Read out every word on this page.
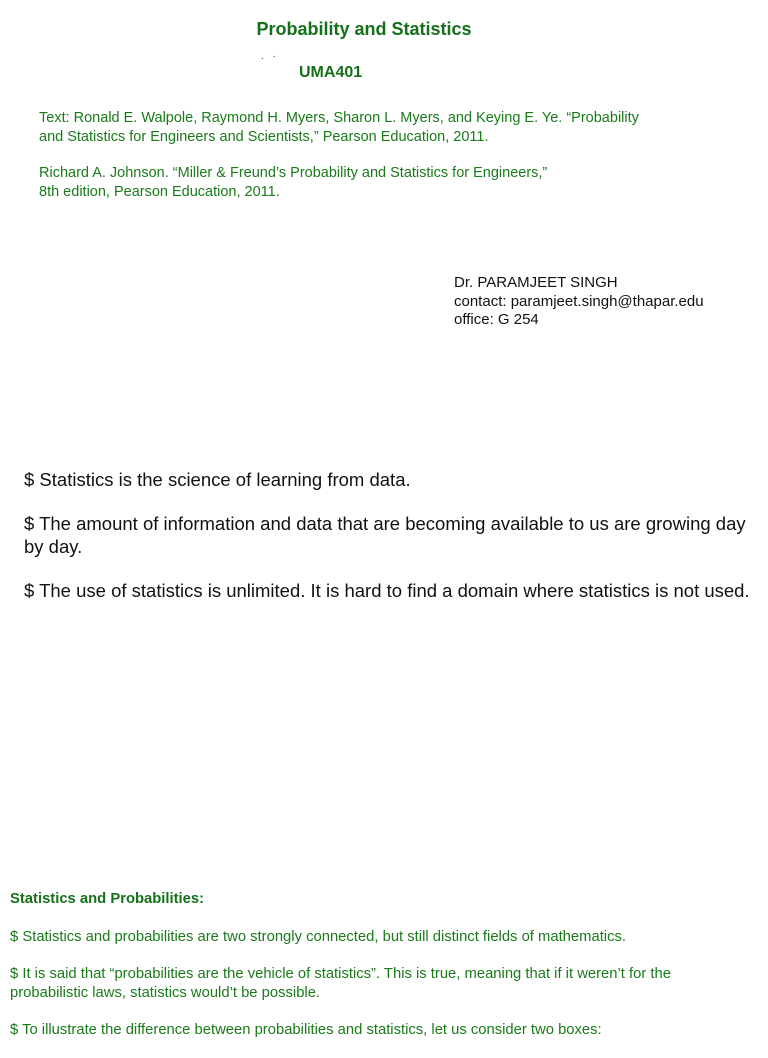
Probability and Statistics
. ·
UMA401
Text: Ronald E. Walpole, Raymond H. Myers, Sharon L. Myers, and Keying E. Ye. “Probability
and Statistics for Engineers and Scientists,” Pearson Education, 2011.
Richard A. Johnson. “Miller & Freund’s Probability and Statistics for Engineers,”
8th edition, Pearson Education, 2011.
Dr. PARAMJEET SINGH
contact: paramjeet.singh@thapar.edu
office: G 254

$ Statistics is the science of learning from data.

$ The amount of information and data that are becoming available to us are growing day by day.

$ The use of statistics is unlimited. It is hard to find a domain where statistics is not used.

Statistics and Probabilities:

$ Statistics and probabilities are two strongly connected, but still distinct fields of mathematics.

$ It is said that “probabilities are the vehicle of statistics”. This is true, meaning that if it weren’t for the probabilistic laws, statistics would’t be possible.

$ To illustrate the difference between probabilities and statistics, let us consider two boxes:
